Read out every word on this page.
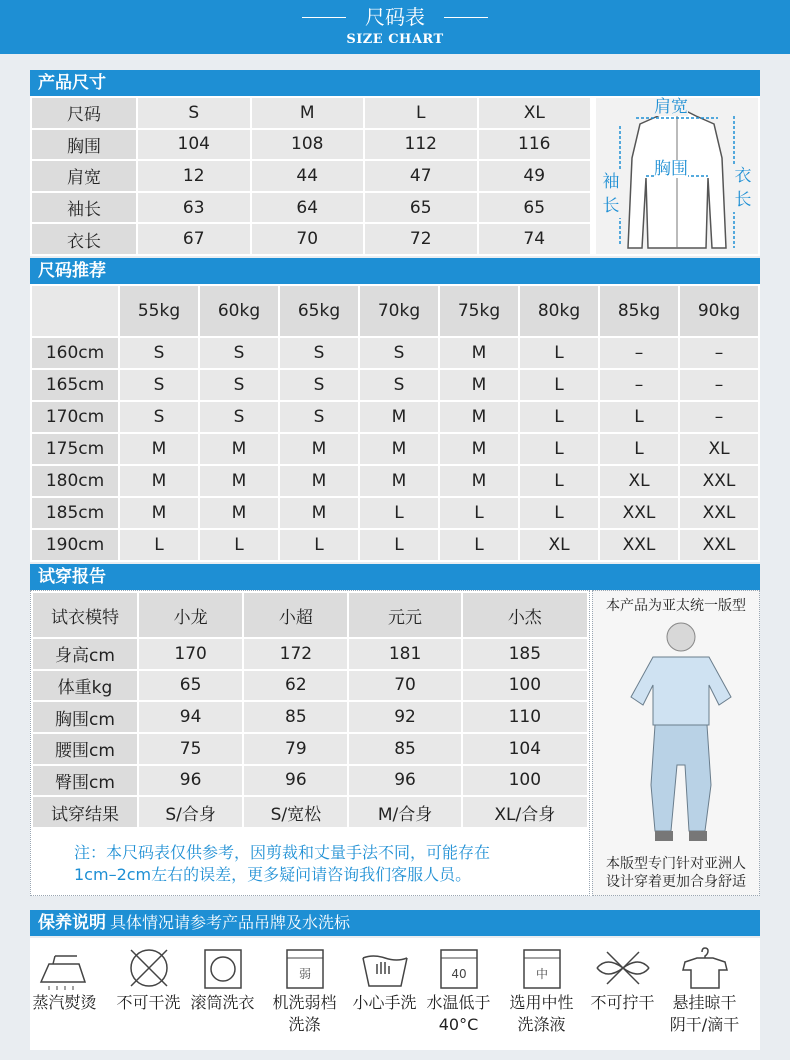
尺码表
SIZE CHART
产品尺寸
尺码	S	M	L	XL
胸围	104	108	112	116
肩宽	12	44	47	49
袖长	63	64	65	65
衣长	67	70	72	74
肩宽
胸围
袖长
衣长
尺码推荐
	55kg	60kg	65kg	70kg	75kg	80kg	85kg	90kg
160cm	S	S	S	S	M	L	–	–
165cm	S	S	S	S	M	L	–	–
170cm	S	S	S	M	M	L	L	–
175cm	M	M	M	M	M	L	L	XL
180cm	M	M	M	M	M	L	XL	XXL
185cm	M	M	M	L	L	L	XXL	XXL
190cm	L	L	L	L	L	XL	XXL	XXL
试穿报告
试衣模特	小龙	小超	元元	小杰
身高cm	170	172	181	185
体重kg	65	62	70	100
胸围cm	94	85	92	110
腰围cm	75	79	85	104
臀围cm	96	96	96	100
试穿结果	S/合身	S/宽松	M/合身	XL/合身
注：本尺码表仅供参考，因剪裁和丈量手法不同，可能存在
1cm–2cm左右的误差，更多疑问请咨询我们客服人员。
本产品为亚太统一版型
本版型专门针对亚洲人
设计穿着更加合身舒适
保养说明 具体情况请参考产品吊牌及水洗标
蒸汽熨烫 不可干洗 滚筒洗衣
弱
机洗弱档
洗涤
小心手洗
40
水温低于
40°C
中
选用中性
洗涤液
不可拧干 悬挂晾干
阴干/滴干
